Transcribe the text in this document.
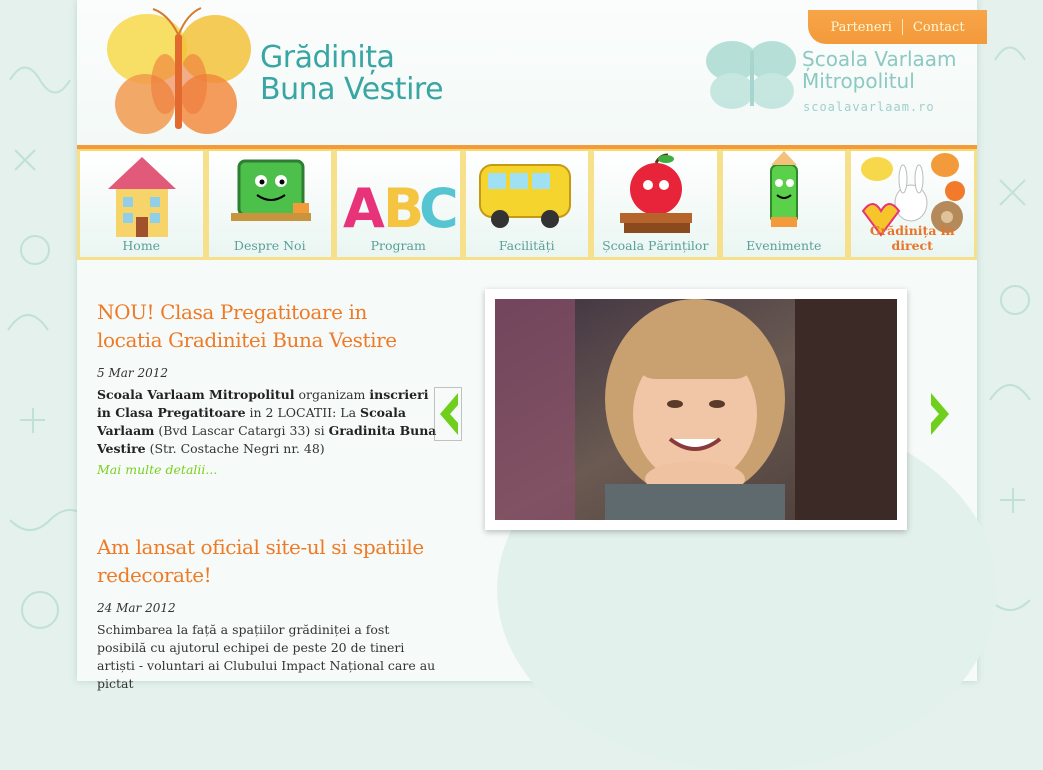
Grădinița
Buna Vestire
Școala Varlaam
Mitropolitul
scoalavarlaam.ro
Parteneri Contact
Home	Despre Noi
A
B
C
Program	Facilități	Școala Părinților	Evenimente
Grădinița în direct
NOU! Clasa Pregatitoare in locatia Gradinitei Buna Vestire
5 Mar 2012
Scoala Varlaam Mitropolitul organizam inscrieri in Clasa Pregatitoare in 2 LOCATII: La Scoala Varlaam (Bvd Lascar Catargi 33) si Gradinita Buna Vestire (Str. Costache Negri nr. 48)
Mai multe detalii...
Am lansat oficial site-ul si spatiile redecorate!
24 Mar 2012
Schimbarea la față a spațiilor grădiniței a fost posibilă cu ajutorul echipei de peste 20 de tineri artiști - voluntari ai Clubului Impact Național care au pictat
